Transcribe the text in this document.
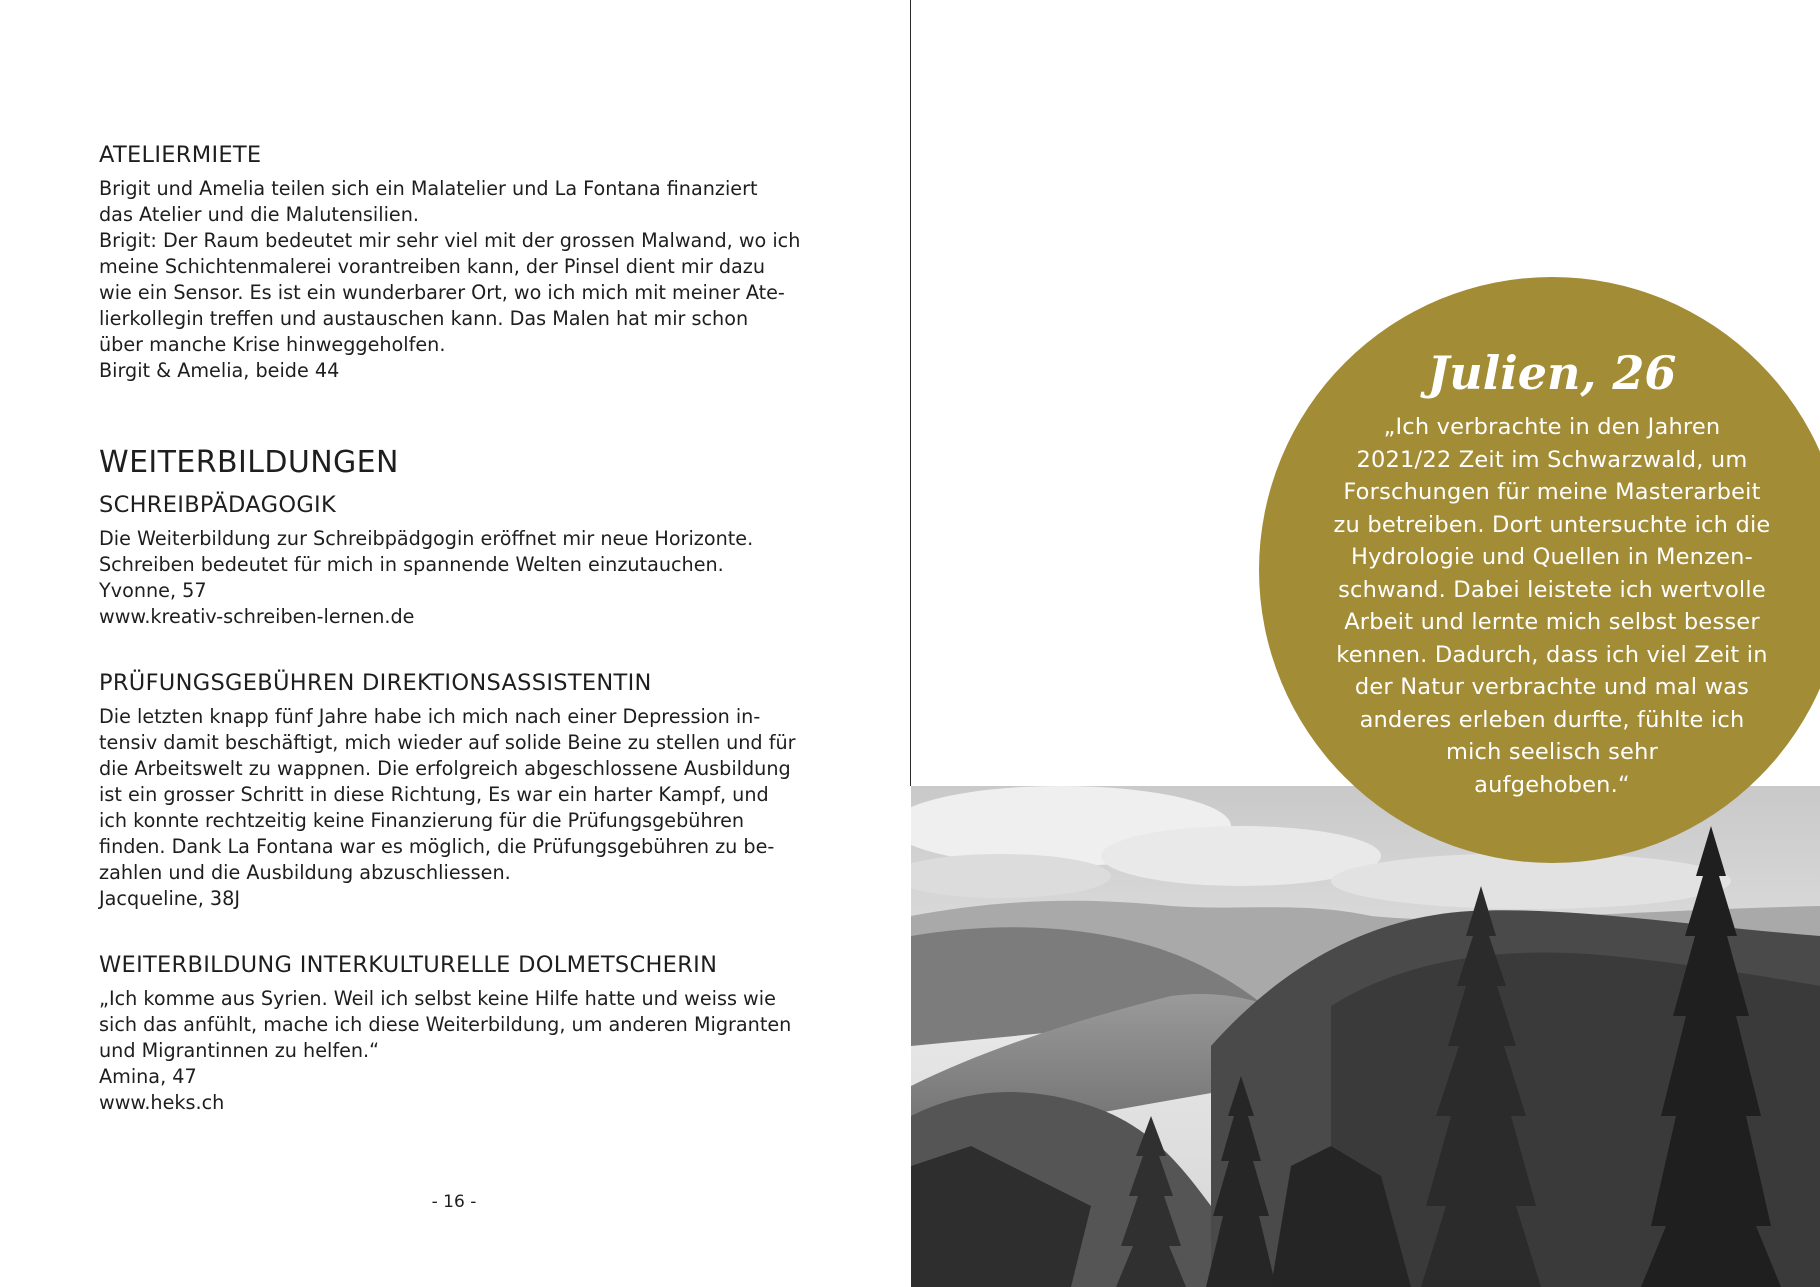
ATELIERMIETE

Brigit und Amelia teilen sich ein Malatelier und La Fontana finanziert
das Atelier und die Malutensilien.
Brigit: Der Raum bedeutet mir sehr viel mit der grossen Malwand, wo ich
meine Schichtenmalerei vorantreiben kann, der Pinsel dient mir dazu
wie ein Sensor. Es ist ein wunderbarer Ort, wo ich mich mit meiner Ate-
lierkollegin treffen und austauschen kann. Das Malen hat mir schon
über manche Krise hinweggeholfen.
Birgit & Amelia, beide 44

WEITERBILDUNGEN
SCHREIBPÄDAGOGIK

Die Weiterbildung zur Schreibpädgogin eröffnet mir neue Horizonte.
Schreiben bedeutet für mich in spannende Welten einzutauchen.
Yvonne, 57
www.kreativ-schreiben-lernen.de

PRÜFUNGSGEBÜHREN DIREKTIONSASSISTENTIN

Die letzten knapp fünf Jahre habe ich mich nach einer Depression in-
tensiv damit beschäftigt, mich wieder auf solide Beine zu stellen und für
die Arbeitswelt zu wappnen. Die erfolgreich abgeschlossene Ausbildung
ist ein grosser Schritt in diese Richtung, Es war ein harter Kampf, und
ich konnte rechtzeitig keine Finanzierung für die Prüfungsgebühren
finden. Dank La Fontana war es möglich, die Prüfungsgebühren zu be-
zahlen und die Ausbildung abzuschliessen.
Jacqueline, 38J

WEITERBILDUNG INTERKULTURELLE DOLMETSCHERIN

„Ich komme aus Syrien. Weil ich selbst keine Hilfe hatte und weiss wie
sich das anfühlt, mache ich diese Weiterbildung, um anderen Migranten
und Migrantinnen zu helfen.“
Amina, 47
www.heks.ch

- 16 -
Julien, 26
„Ich verbrachte in den Jahren
2021/22 Zeit im Schwarzwald, um
Forschungen für meine Masterarbeit
zu betreiben. Dort untersuchte ich die
Hydrologie und Quellen in Menzen-
schwand. Dabei leistete ich wertvolle
Arbeit und lernte mich selbst besser
kennen. Dadurch, dass ich viel Zeit in
der Natur verbrachte und mal was
anderes erleben durfte, fühlte ich
mich seelisch sehr
aufgehoben.“
